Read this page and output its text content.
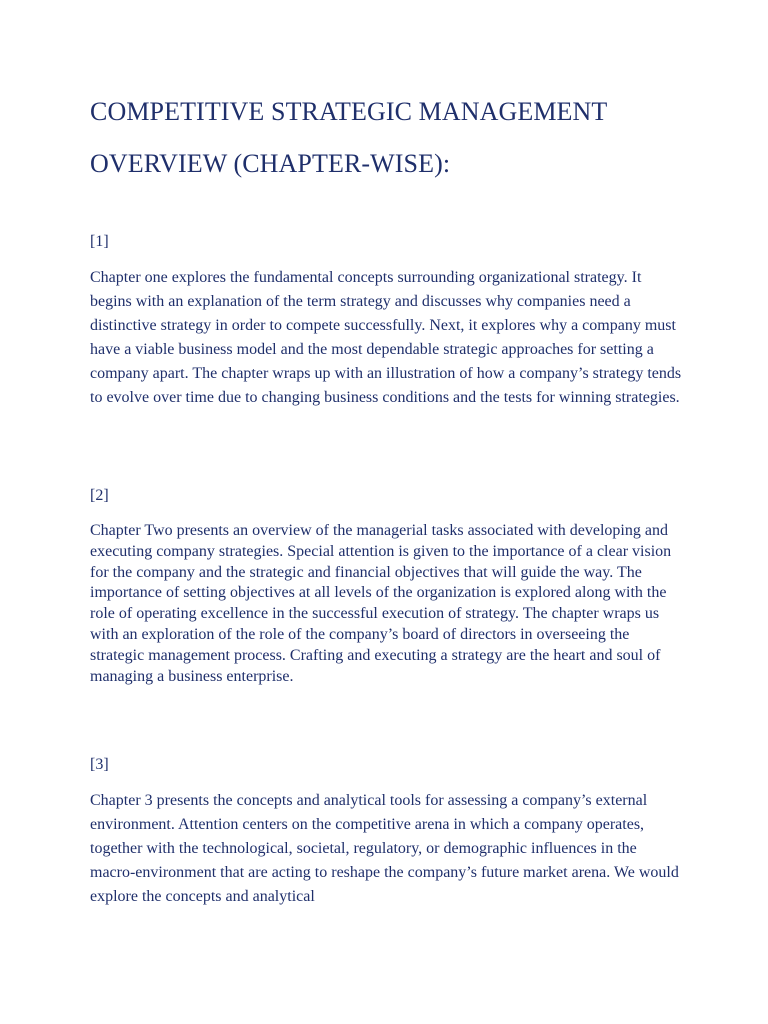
COMPETITIVE STRATEGIC MANAGEMENT OVERVIEW (CHAPTER-WISE):

[1]

Chapter one explores the fundamental concepts surrounding organizational strategy. It begins with an explanation of the term strategy and discusses why companies need a distinctive strategy in order to compete successfully. Next, it explores why a company must have a viable business model and the most dependable strategic approaches for setting a company apart. The chapter wraps up with an illustration of how a company’s strategy tends to evolve over time due to changing business conditions and the tests for winning strategies.

[2]

Chapter Two presents an overview of the managerial tasks associated with developing and executing company strategies. Special attention is given to the importance of a clear vision for the company and the strategic and financial objectives that will guide the way. The importance of setting objectives at all levels of the organization is explored along with the role of operating excellence in the successful execution of strategy. The chapter wraps us with an exploration of the role of the company’s board of directors in overseeing the strategic management process. Crafting and executing a strategy are the heart and soul of managing a business enterprise.

[3]

Chapter 3 presents the concepts and analytical tools for assessing a company’s external environment. Attention centers on the competitive arena in which a company operates, together with the technological, societal, regulatory, or demographic influences in the macro-environment that are acting to reshape the company’s future market arena. We would explore the concepts and analytical
